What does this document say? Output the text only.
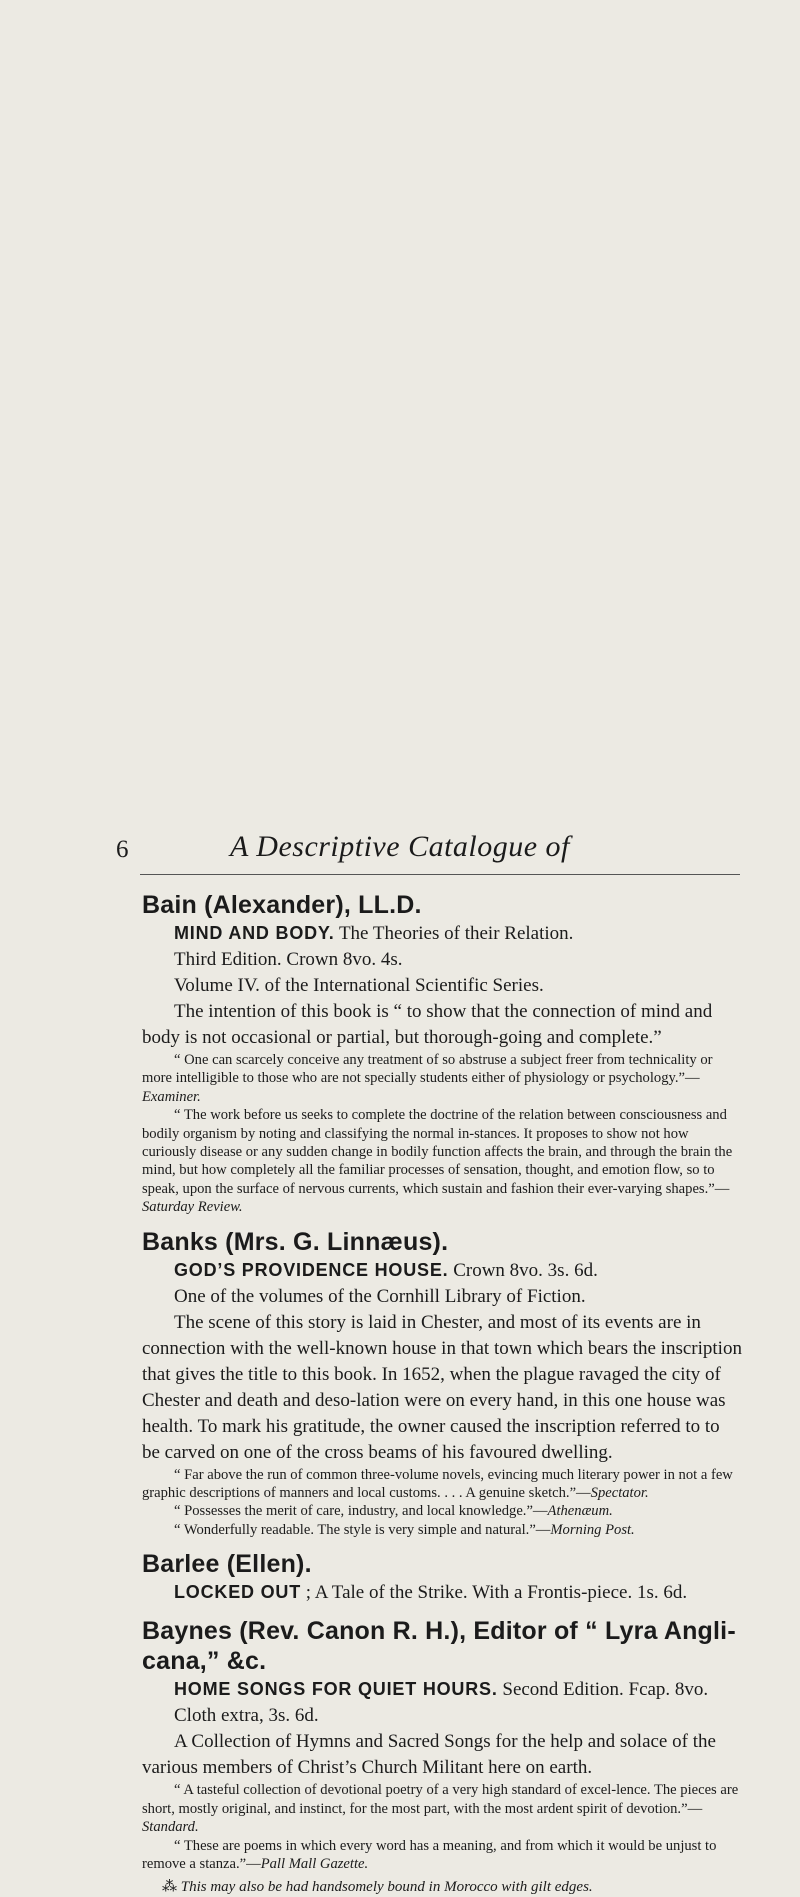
6	A Descriptive Catalogue of

Bain (Alexander), LL.D.

MIND AND BODY. The Theories of their Relation.

Third Edition. Crown 8vo. 4s.

Volume IV. of the International Scientific Series.

The intention of this book is “ to show that the connection of mind and body is not occasional or partial, but thorough-going and complete.”

“ One can scarcely conceive any treatment of so abstruse a subject freer from technicality or more intelligible to those who are not specially students either of physiology or psychology.”—Examiner.

“ The work before us seeks to complete the doctrine of the relation between consciousness and bodily organism by noting and classifying the normal in-stances. It proposes to show not how curiously disease or any sudden change in bodily function affects the brain, and through the brain the mind, but how completely all the familiar processes of sensation, thought, and emotion flow, so to speak, upon the surface of nervous currents, which sustain and fashion their ever-varying shapes.”—Saturday Review.

Banks (Mrs. G. Linnæus).

GOD’S PROVIDENCE HOUSE. Crown 8vo. 3s. 6d.

One of the volumes of the Cornhill Library of Fiction.

The scene of this story is laid in Chester, and most of its events are in connection with the well-known house in that town which bears the inscription that gives the title to this book. In 1652, when the plague ravaged the city of Chester and death and deso-lation were on every hand, in this one house was health. To mark his gratitude, the owner caused the inscription referred to to be carved on one of the cross beams of his favoured dwelling.

“ Far above the run of common three-volume novels, evincing much literary power in not a few graphic descriptions of manners and local customs. . . . A genuine sketch.”—Spectator.

“ Possesses the merit of care, industry, and local knowledge.”—Athenæum.

“ Wonderfully readable. The style is very simple and natural.”—Morning Post.

Barlee (Ellen).

LOCKED OUT ; A Tale of the Strike. With a Frontis-piece. 1s. 6d.

Baynes (Rev. Canon R. H.), Editor of “ Lyra Angli-cana,” &c.

HOME SONGS FOR QUIET HOURS. Second Edition. Fcap. 8vo. Cloth extra, 3s. 6d.

A Collection of Hymns and Sacred Songs for the help and solace of the various members of Christ’s Church Militant here on earth.

“ A tasteful collection of devotional poetry of a very high standard of excel-lence. The pieces are short, mostly original, and instinct, for the most part, with the most ardent spirit of devotion.”—Standard.

“ These are poems in which every word has a meaning, and from which it would be unjust to remove a stanza.”—Pall Mall Gazette.

⁂ This may also be had handsomely bound in Morocco with gilt edges.
